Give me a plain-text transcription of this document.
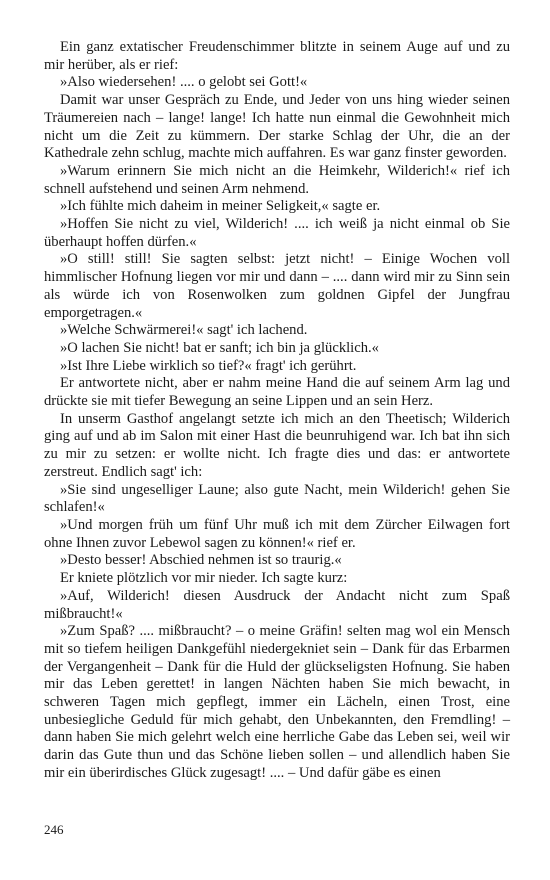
Ein ganz extatischer Freudenschimmer blitzte in seinem Auge auf und zu mir herüber, als er rief:

»Also wiedersehen! .... o gelobt sei Gott!«

Damit war unser Gespräch zu Ende, und Jeder von uns hing wieder seinen Träumereien nach – lange! lange! Ich hatte nun einmal die Gewohnheit mich nicht um die Zeit zu kümmern. Der starke Schlag der Uhr, die an der Kathedrale zehn schlug, machte mich auffahren. Es war ganz finster geworden.

»Warum erinnern Sie mich nicht an die Heimkehr, Wilderich!« rief ich schnell aufstehend und seinen Arm nehmend.

»Ich fühlte mich daheim in meiner Seligkeit,« sagte er.

»Hoffen Sie nicht zu viel, Wilderich! .... ich weiß ja nicht einmal ob Sie überhaupt hoffen dürfen.«

»O still! still! Sie sagten selbst: jetzt nicht! – Einige Wochen voll himmlischer Hofnung liegen vor mir und dann – .... dann wird mir zu Sinn sein als würde ich von Rosenwolken zum goldnen Gipfel der Jungfrau emporgetragen.«

»Welche Schwärmerei!« sagt' ich lachend.

»O lachen Sie nicht! bat er sanft; ich bin ja glücklich.«

»Ist Ihre Liebe wirklich so tief?« fragt' ich gerührt.

Er antwortete nicht, aber er nahm meine Hand die auf seinem Arm lag und drückte sie mit tiefer Bewegung an seine Lippen und an sein Herz.

In unserm Gasthof angelangt setzte ich mich an den Theetisch; Wilderich ging auf und ab im Salon mit einer Hast die beunruhigend war. Ich bat ihn sich zu mir zu setzen: er wollte nicht. Ich fragte dies und das: er antwortete zerstreut. Endlich sagt' ich:

»Sie sind ungeselliger Laune; also gute Nacht, mein Wilderich! gehen Sie schlafen!«

»Und morgen früh um fünf Uhr muß ich mit dem Zürcher Eilwagen fort ohne Ihnen zuvor Lebewol sagen zu können!« rief er.

»Desto besser! Abschied nehmen ist so traurig.«

Er kniete plötzlich vor mir nieder. Ich sagte kurz:

»Auf, Wilderich! diesen Ausdruck der Andacht nicht zum Spaß mißbraucht!«

»Zum Spaß? .... mißbraucht? – o meine Gräfin! selten mag wol ein Mensch mit so tiefem heiligen Dankgefühl niedergekniet sein – Dank für das Erbarmen der Vergangenheit – Dank für die Huld der glückseligsten Hofnung. Sie haben mir das Leben gerettet! in langen Nächten haben Sie mich bewacht, in schweren Tagen mich gepflegt, immer ein Lächeln, einen Trost, eine unbesiegliche Geduld für mich gehabt, den Unbekannten, den Fremdling! – dann haben Sie mich gelehrt welch eine herrliche Gabe das Leben sei, weil wir darin das Gute thun und das Schöne lieben sollen – und allendlich haben Sie mir ein überirdisches Glück zugesagt! .... – Und dafür gäbe es einen

246
